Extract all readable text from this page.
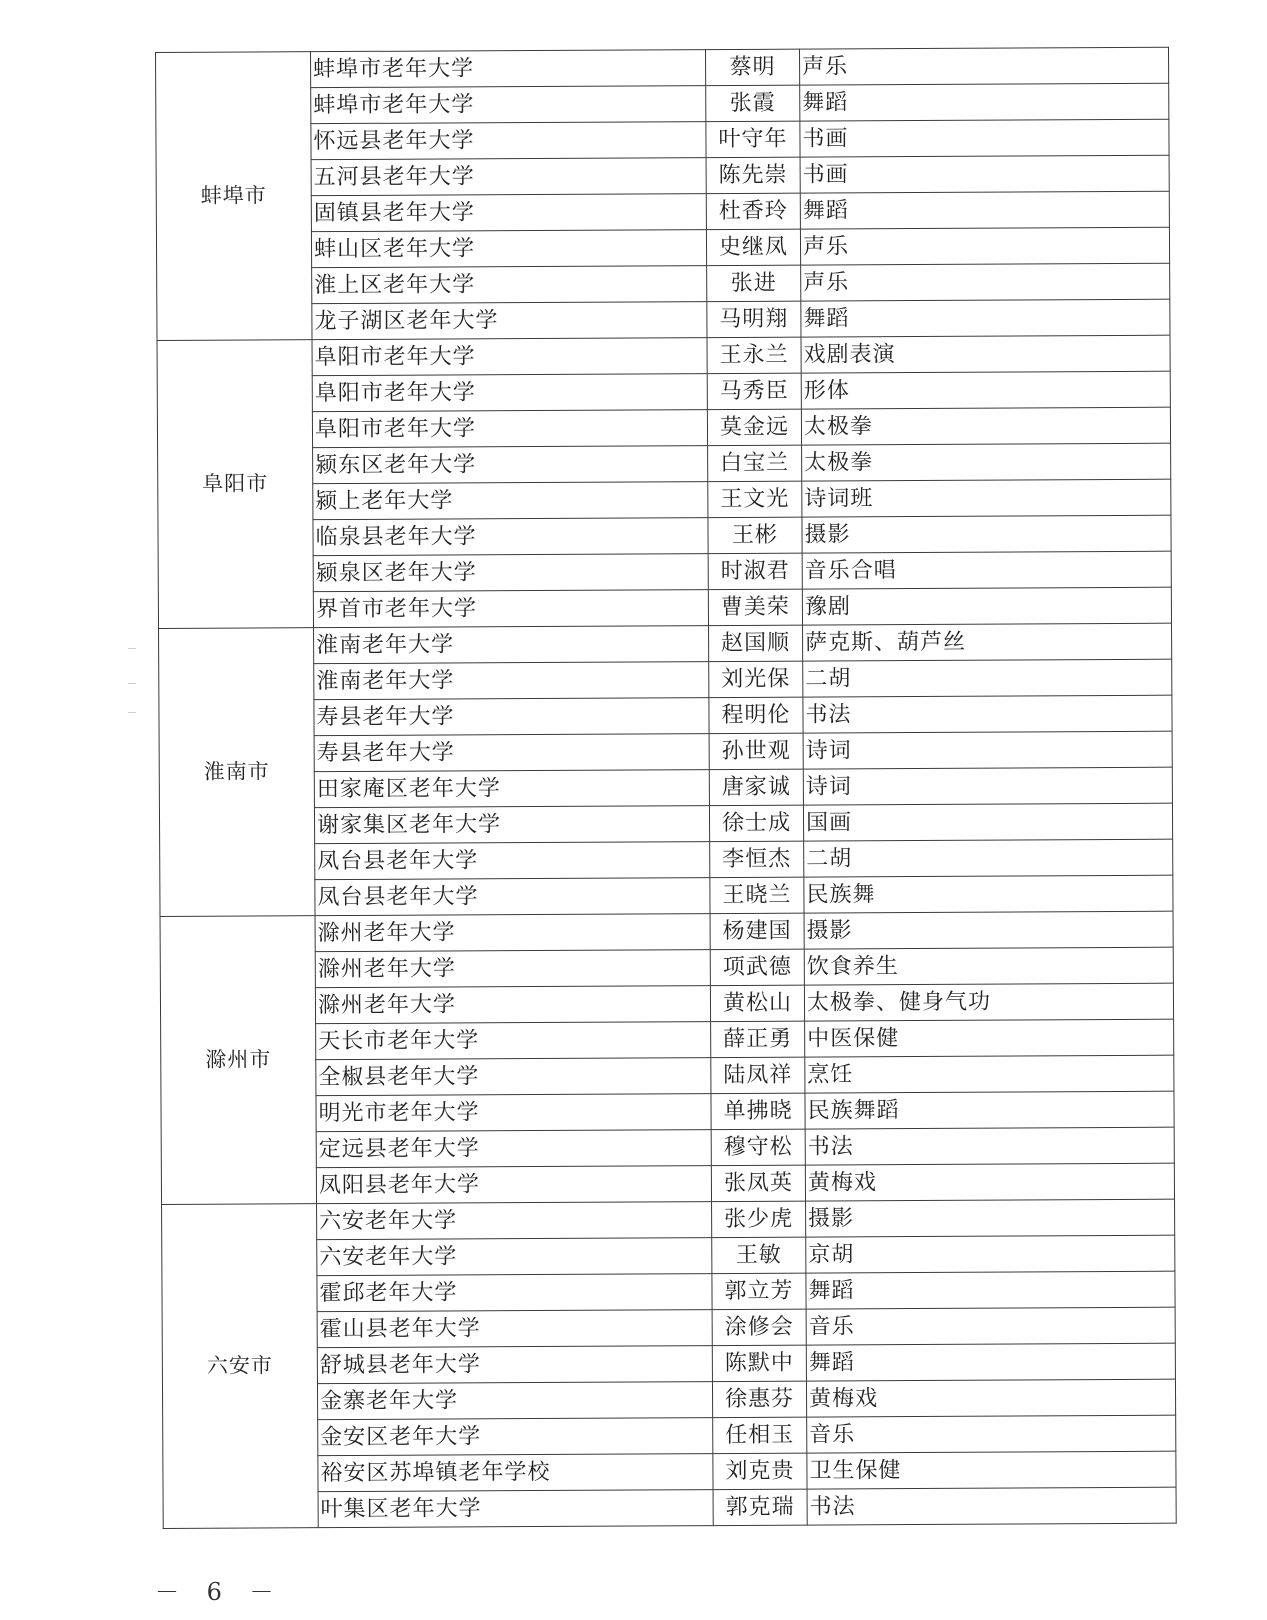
蚌埠市	蚌埠市老年大学	蔡明	声乐
	蚌埠市老年大学	张霞	舞蹈
	怀远县老年大学	叶守年	书画
	五河县老年大学	陈先崇	书画
	固镇县老年大学	杜香玲	舞蹈
	蚌山区老年大学	史继凤	声乐
	淮上区老年大学	张进	声乐
	龙子湖区老年大学	马明翔	舞蹈
阜阳市	阜阳市老年大学	王永兰	戏剧表演
	阜阳市老年大学	马秀臣	形体
	阜阳市老年大学	莫金远	太极拳
	颍东区老年大学	白宝兰	太极拳
	颍上老年大学	王文光	诗词班
	临泉县老年大学	王彬	摄影
	颍泉区老年大学	时淑君	音乐合唱
	界首市老年大学	曹美荣	豫剧
淮南市	淮南老年大学	赵国顺	萨克斯、葫芦丝
	淮南老年大学	刘光保	二胡
	寿县老年大学	程明伦	书法
	寿县老年大学	孙世观	诗词
	田家庵区老年大学	唐家诚	诗词
	谢家集区老年大学	徐士成	国画
	凤台县老年大学	李恒杰	二胡
	凤台县老年大学	王晓兰	民族舞
滁州市	滁州老年大学	杨建国	摄影
	滁州老年大学	项武德	饮食养生
	滁州老年大学	黄松山	太极拳、健身气功
	天长市老年大学	薛正勇	中医保健
	全椒县老年大学	陆凤祥	烹饪
	明光市老年大学	单拂晓	民族舞蹈
	定远县老年大学	穆守松	书法
	凤阳县老年大学	张凤英	黄梅戏
六安市	六安老年大学	张少虎	摄影
	六安老年大学	王敏	京胡
	霍邱老年大学	郭立芳	舞蹈
	霍山县老年大学	涂修会	音乐
	舒城县老年大学	陈默中	舞蹈
	金寨老年大学	徐惠芬	黄梅戏
	金安区老年大学	任相玉	音乐
	裕安区苏埠镇老年学校	刘克贵	卫生保健
	叶集区老年大学	郭克瑞	书法
－ 6 －
